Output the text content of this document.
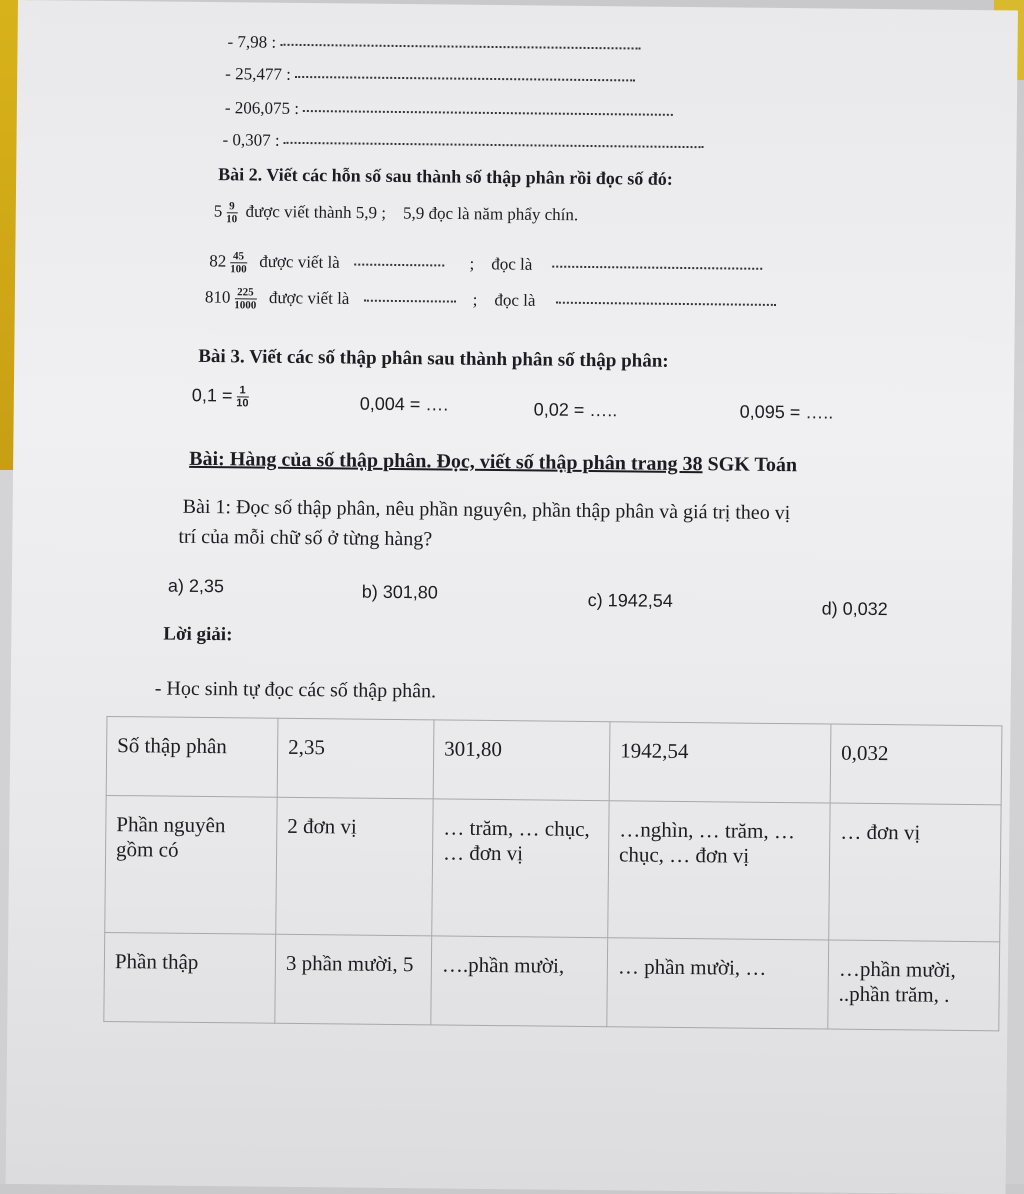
- 7,98 :
- 25,477 :
- 206,075 :
- 0,307 :
Bài 2. Viết các hỗn số sau thành số thập phân rồi đọc số đó:
$5 \frac{9}{10}$ được viết thành 5,9 ; 5,9 đọc là năm phẩy chín.
$82 \frac{45}{100}$ được viết là	; đọc là
$810 \frac{225}{1000}$ được viết là	; đọc là
Bài 3. Viết các số thập phân sau thành phân số thập phân:
$0,1 = \frac{1}{10}$	0,004 = ….	0,02 = …..	0,095 = …..
Bài: Hàng của số thập phân. Đọc, viết số thập phân trang 38 SGK Toán
Bài 1: Đọc số thập phân, nêu phần nguyên, phần thập phân và giá trị theo vị
trí của mỗi chữ số ở từng hàng?
a) 2,35	b) 301,80	c) 1942,54	d) 0,032
Lời giải:
- Học sinh tự đọc các số thập phân.
Số thập phân	2,35	301,80	1942,54	0,032
Phần nguyên gồm có	2 đơn vị	… trăm, … chục, … đơn vị	…nghìn, … trăm, … chục, … đơn vị	… đơn vị
Phần thập	3 phần mười, 5	….phần mười,	… phần mười, …	…phần mười, ..phần trăm, .
